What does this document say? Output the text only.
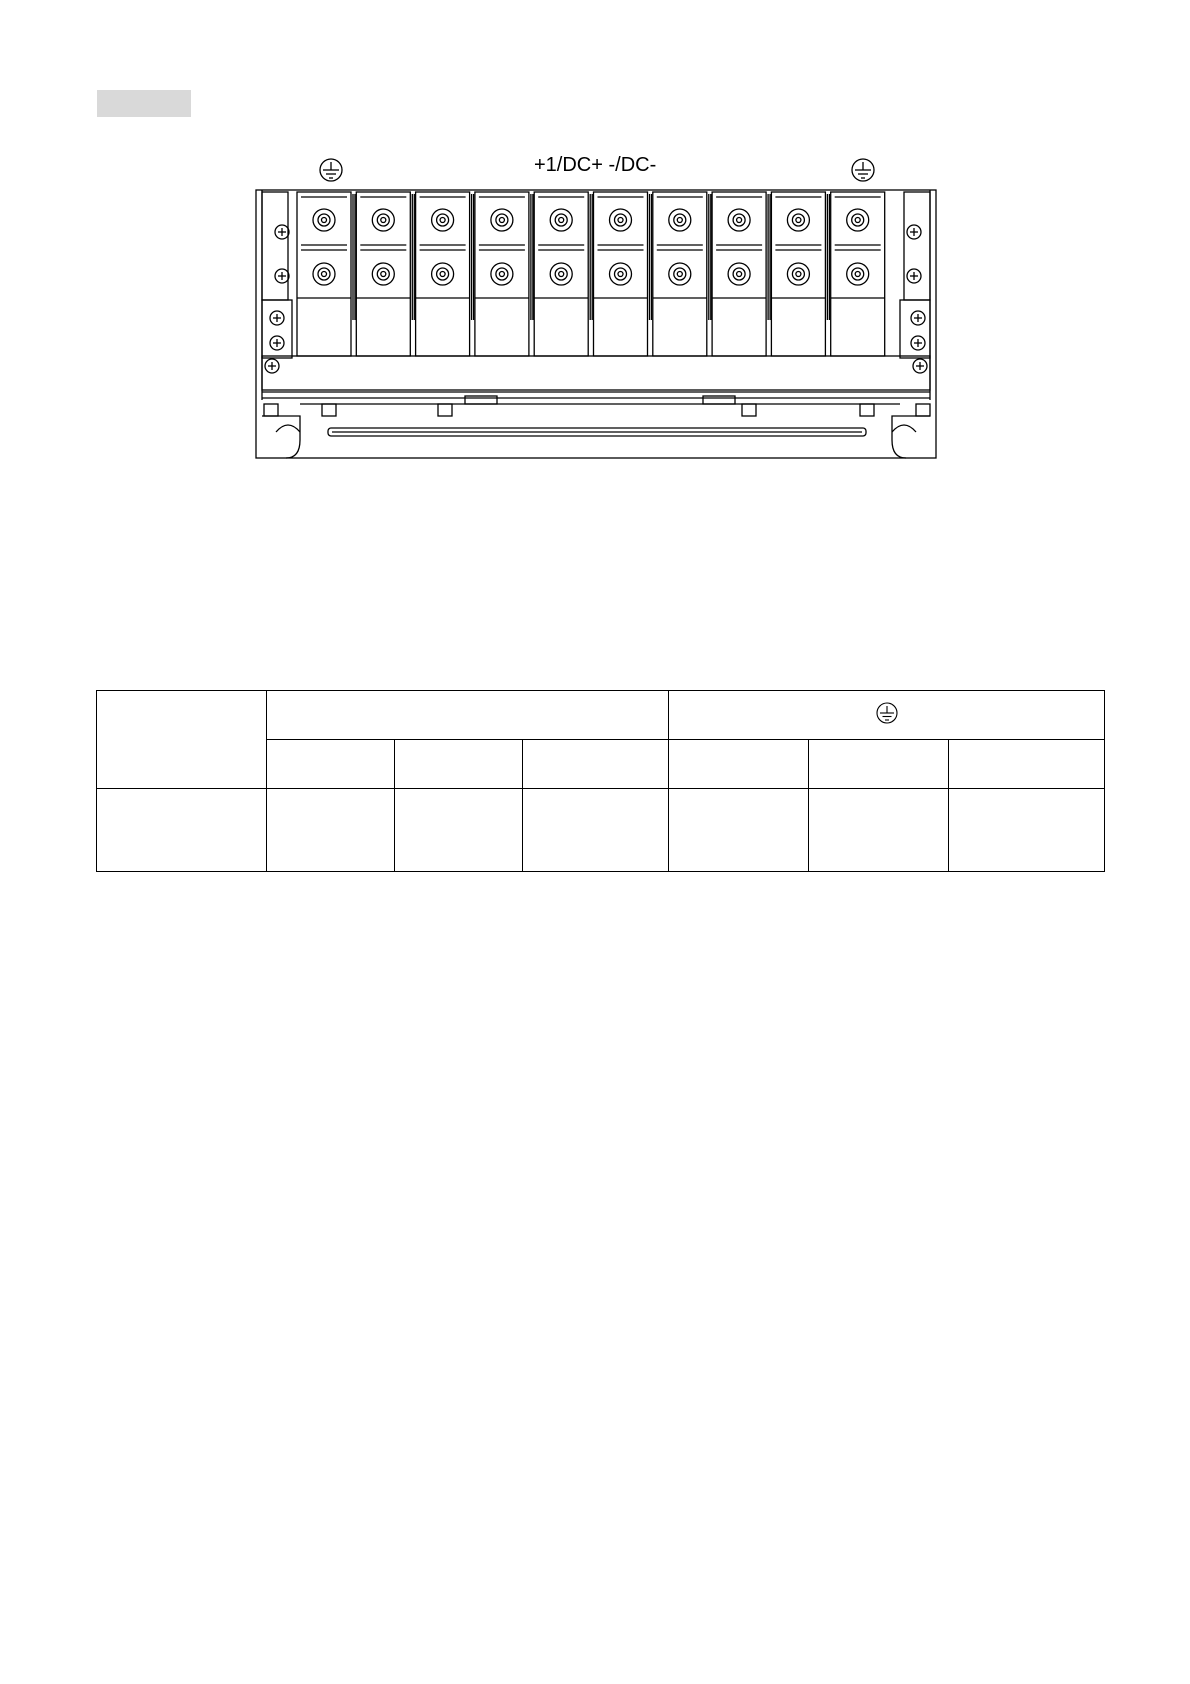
+1/DC+ -/DC-
